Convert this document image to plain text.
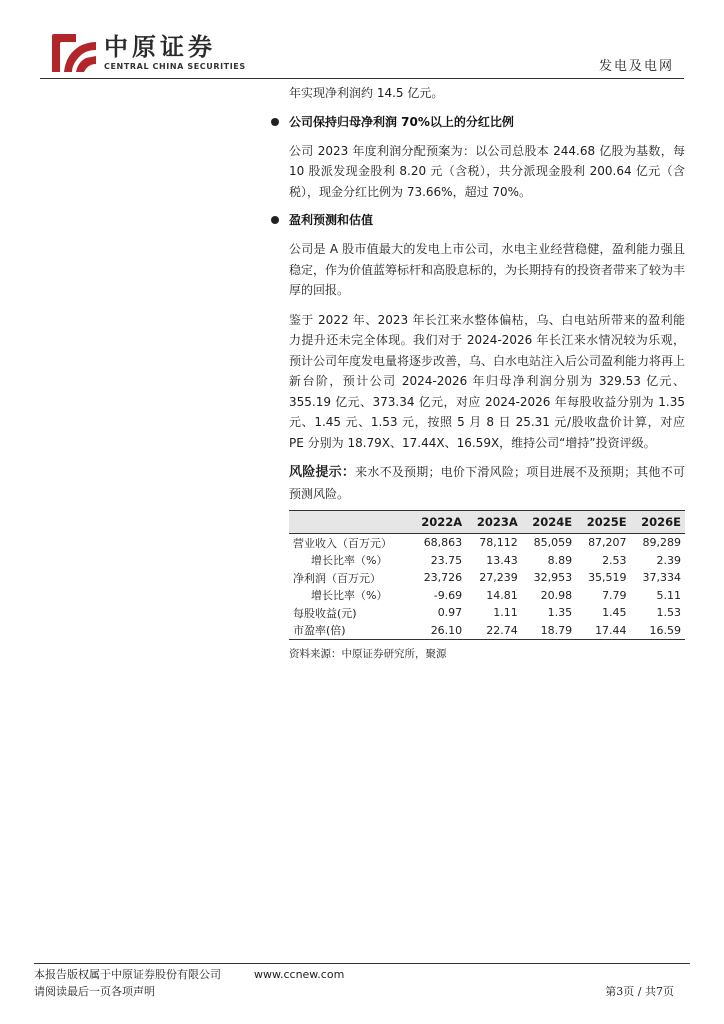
中原证券
CENTRAL CHINA SECURITIES	发电及电网

年实现净利润约 14.5 亿元。

公司保持归母净利润 70%以上的分红比例

公司 2023 年度利润分配预案为：以公司总股本 244.68 亿股为基数，每 10 股派发现金股利 8.20 元（含税），共分派现金股利 200.64 亿元（含税），现金分红比例为 73.66%，超过 70%。

盈利预测和估值

公司是 A 股市值最大的发电上市公司，水电主业经营稳健，盈利能力强且稳定，作为价值蓝筹标杆和高股息标的，为长期持有的投资者带来了较为丰厚的回报。

鉴于 2022 年、2023 年长江来水整体偏枯，乌、白电站所带来的盈利能力提升还未完全体现。我们对于 2024-2026 年长江来水情况较为乐观，预计公司年度发电量将逐步改善，乌、白水电站注入后公司盈利能力将再上新台阶，预计公司 2024-2026 年归母净利润分别为 329.53 亿元、355.19 亿元、373.34 亿元，对应 2024-2026 年每股收益分别为 1.35 元、1.45 元、1.53 元，按照 5 月 8 日 25.31 元/股收盘价计算，对应 PE 分别为 18.79X、17.44X、16.59X，维持公司“增持”投资评级。

风险提示：来水不及预期；电价下滑风险；项目进展不及预期；其他不可预测风险。

	2022A	2023A	2024E	2025E	2026E
营业收入（百万元）	68,863	78,112	85,059	87,207	89,289
增长比率（%）	23.75	13.43	8.89	2.53	2.39
净利润（百万元）	23,726	27,239	32,953	35,519	37,334
增长比率（%）	-9.69	14.81	20.98	7.79	5.11
每股收益(元)	0.97	1.11	1.35	1.45	1.53
市盈率(倍)	26.10	22.74	18.79	17.44	16.59
资料来源：中原证券研究所，聚源
本报告版权属于中原证券股份有限公司	www.ccnew.com
请阅读最后一页各项声明	第3页 / 共7页
